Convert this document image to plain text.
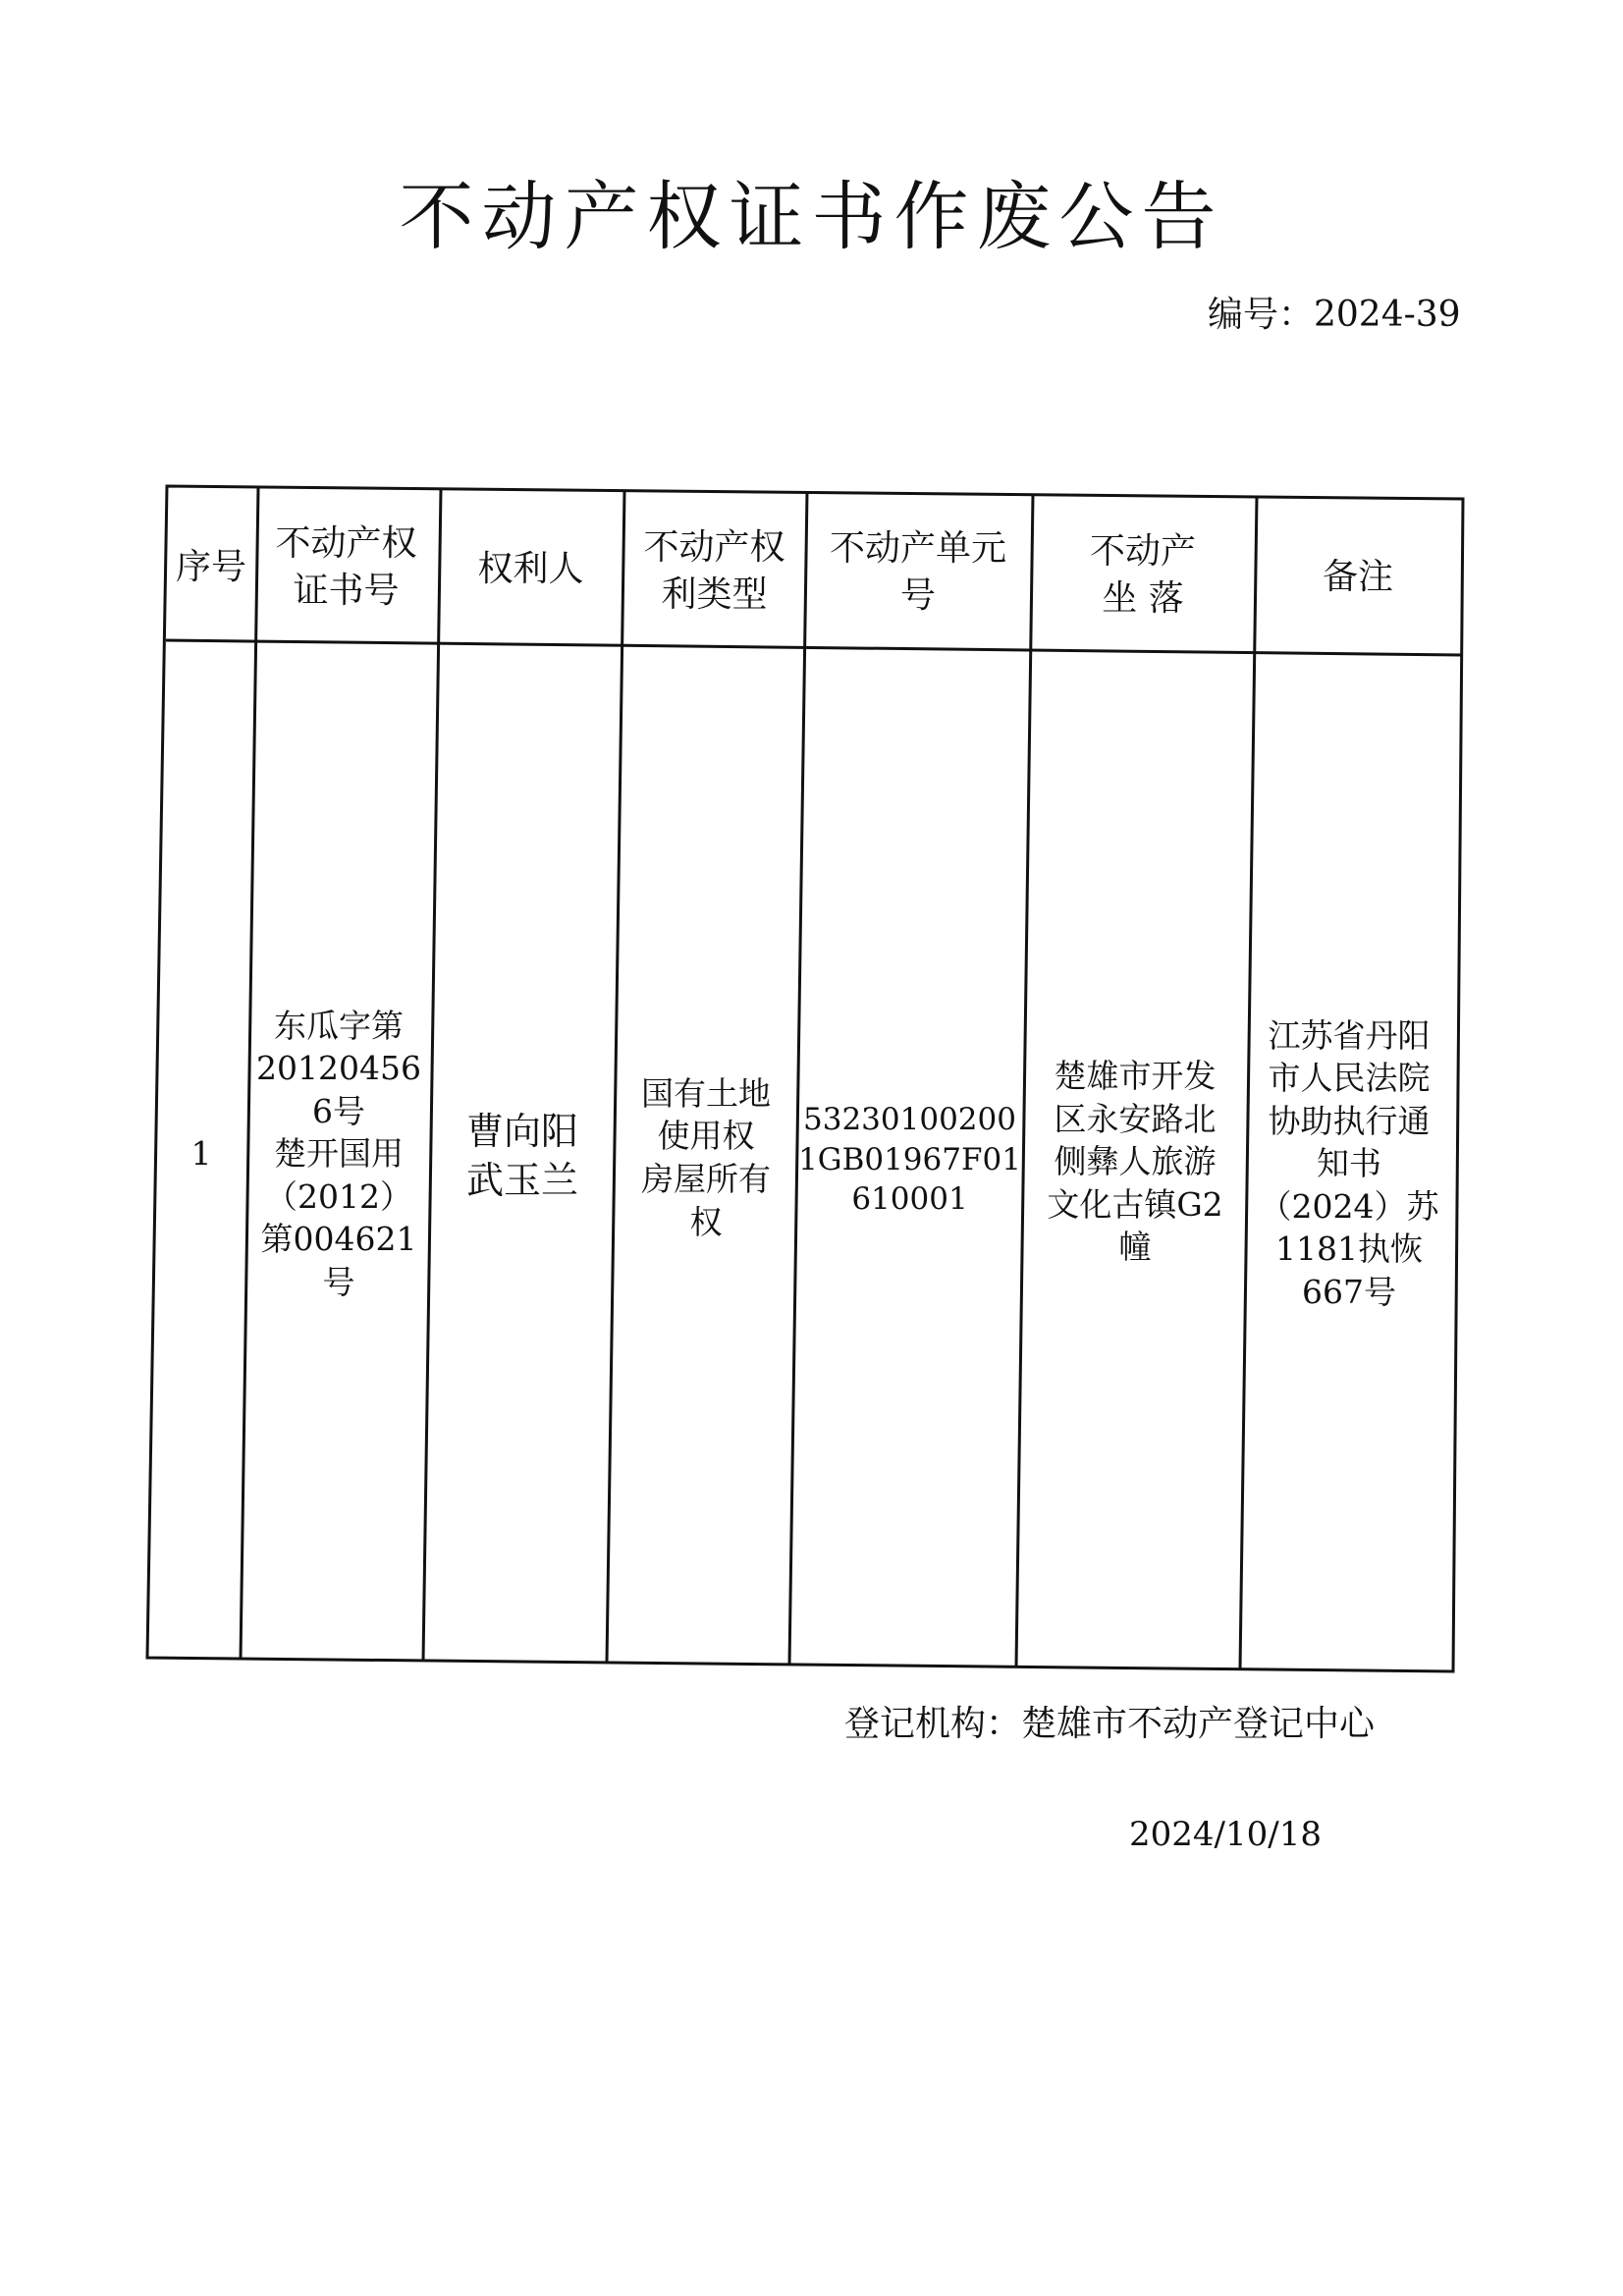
不动产权证书作废公告
编号：2024-39
序号
不动产权
证书号
权利人
不动产权
利类型
不动产单元
号
不动产
坐 落
备注
1
东瓜字第
20120456
6号
楚开国用
（2012）
第004621
号
曹向阳
武玉兰
国有土地
使用权
房屋所有
权
53230100200
1GB01967F01
610001
楚雄市开发
区永安路北
侧彝人旅游
文化古镇G2
幢
江苏省丹阳
市人民法院
协助执行通
知书
（2024）苏
1181执恢
667号
登记机构：楚雄市不动产登记中心
2024/10/18
